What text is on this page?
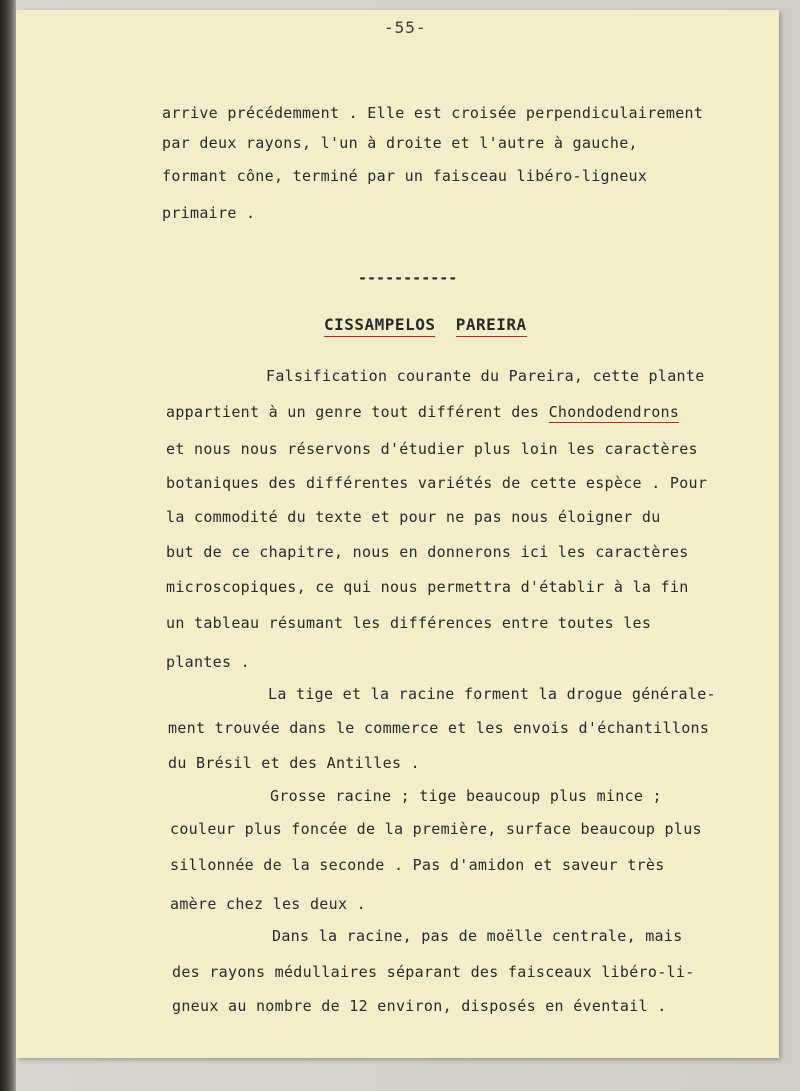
-55-
arrive précédemment . Elle est croisée perpendiculairement
par deux rayons, l'un à droite et l'autre à gauche,
formant cône, terminé par un faisceau libéro-ligneux
primaire .
-----------
CISSAMPELOS PAREIRA
Falsification courante du Pareira, cette plante
appartient à un genre tout différent des Chondodendrons
et nous nous réservons d'étudier plus loin les caractères
botaniques des différentes variétés de cette espèce . Pour
la commodité du texte et pour ne pas nous éloigner du
but de ce chapitre, nous en donnerons ici les caractères
microscopiques, ce qui nous permettra d'établir à la fin
un tableau résumant les différences entre toutes les
plantes .
La tige et la racine forment la drogue générale-
ment trouvée dans le commerce et les envois d'échantillons
du Brésil et des Antilles .
Grosse racine ; tige beaucoup plus mince ;
couleur plus foncée de la première, surface beaucoup plus
sillonnée de la seconde . Pas d'amidon et saveur très
amère chez les deux .
Dans la racine, pas de moëlle centrale, mais
des rayons médullaires séparant des faisceaux libéro-li-
gneux au nombre de 12 environ, disposés en éventail .
